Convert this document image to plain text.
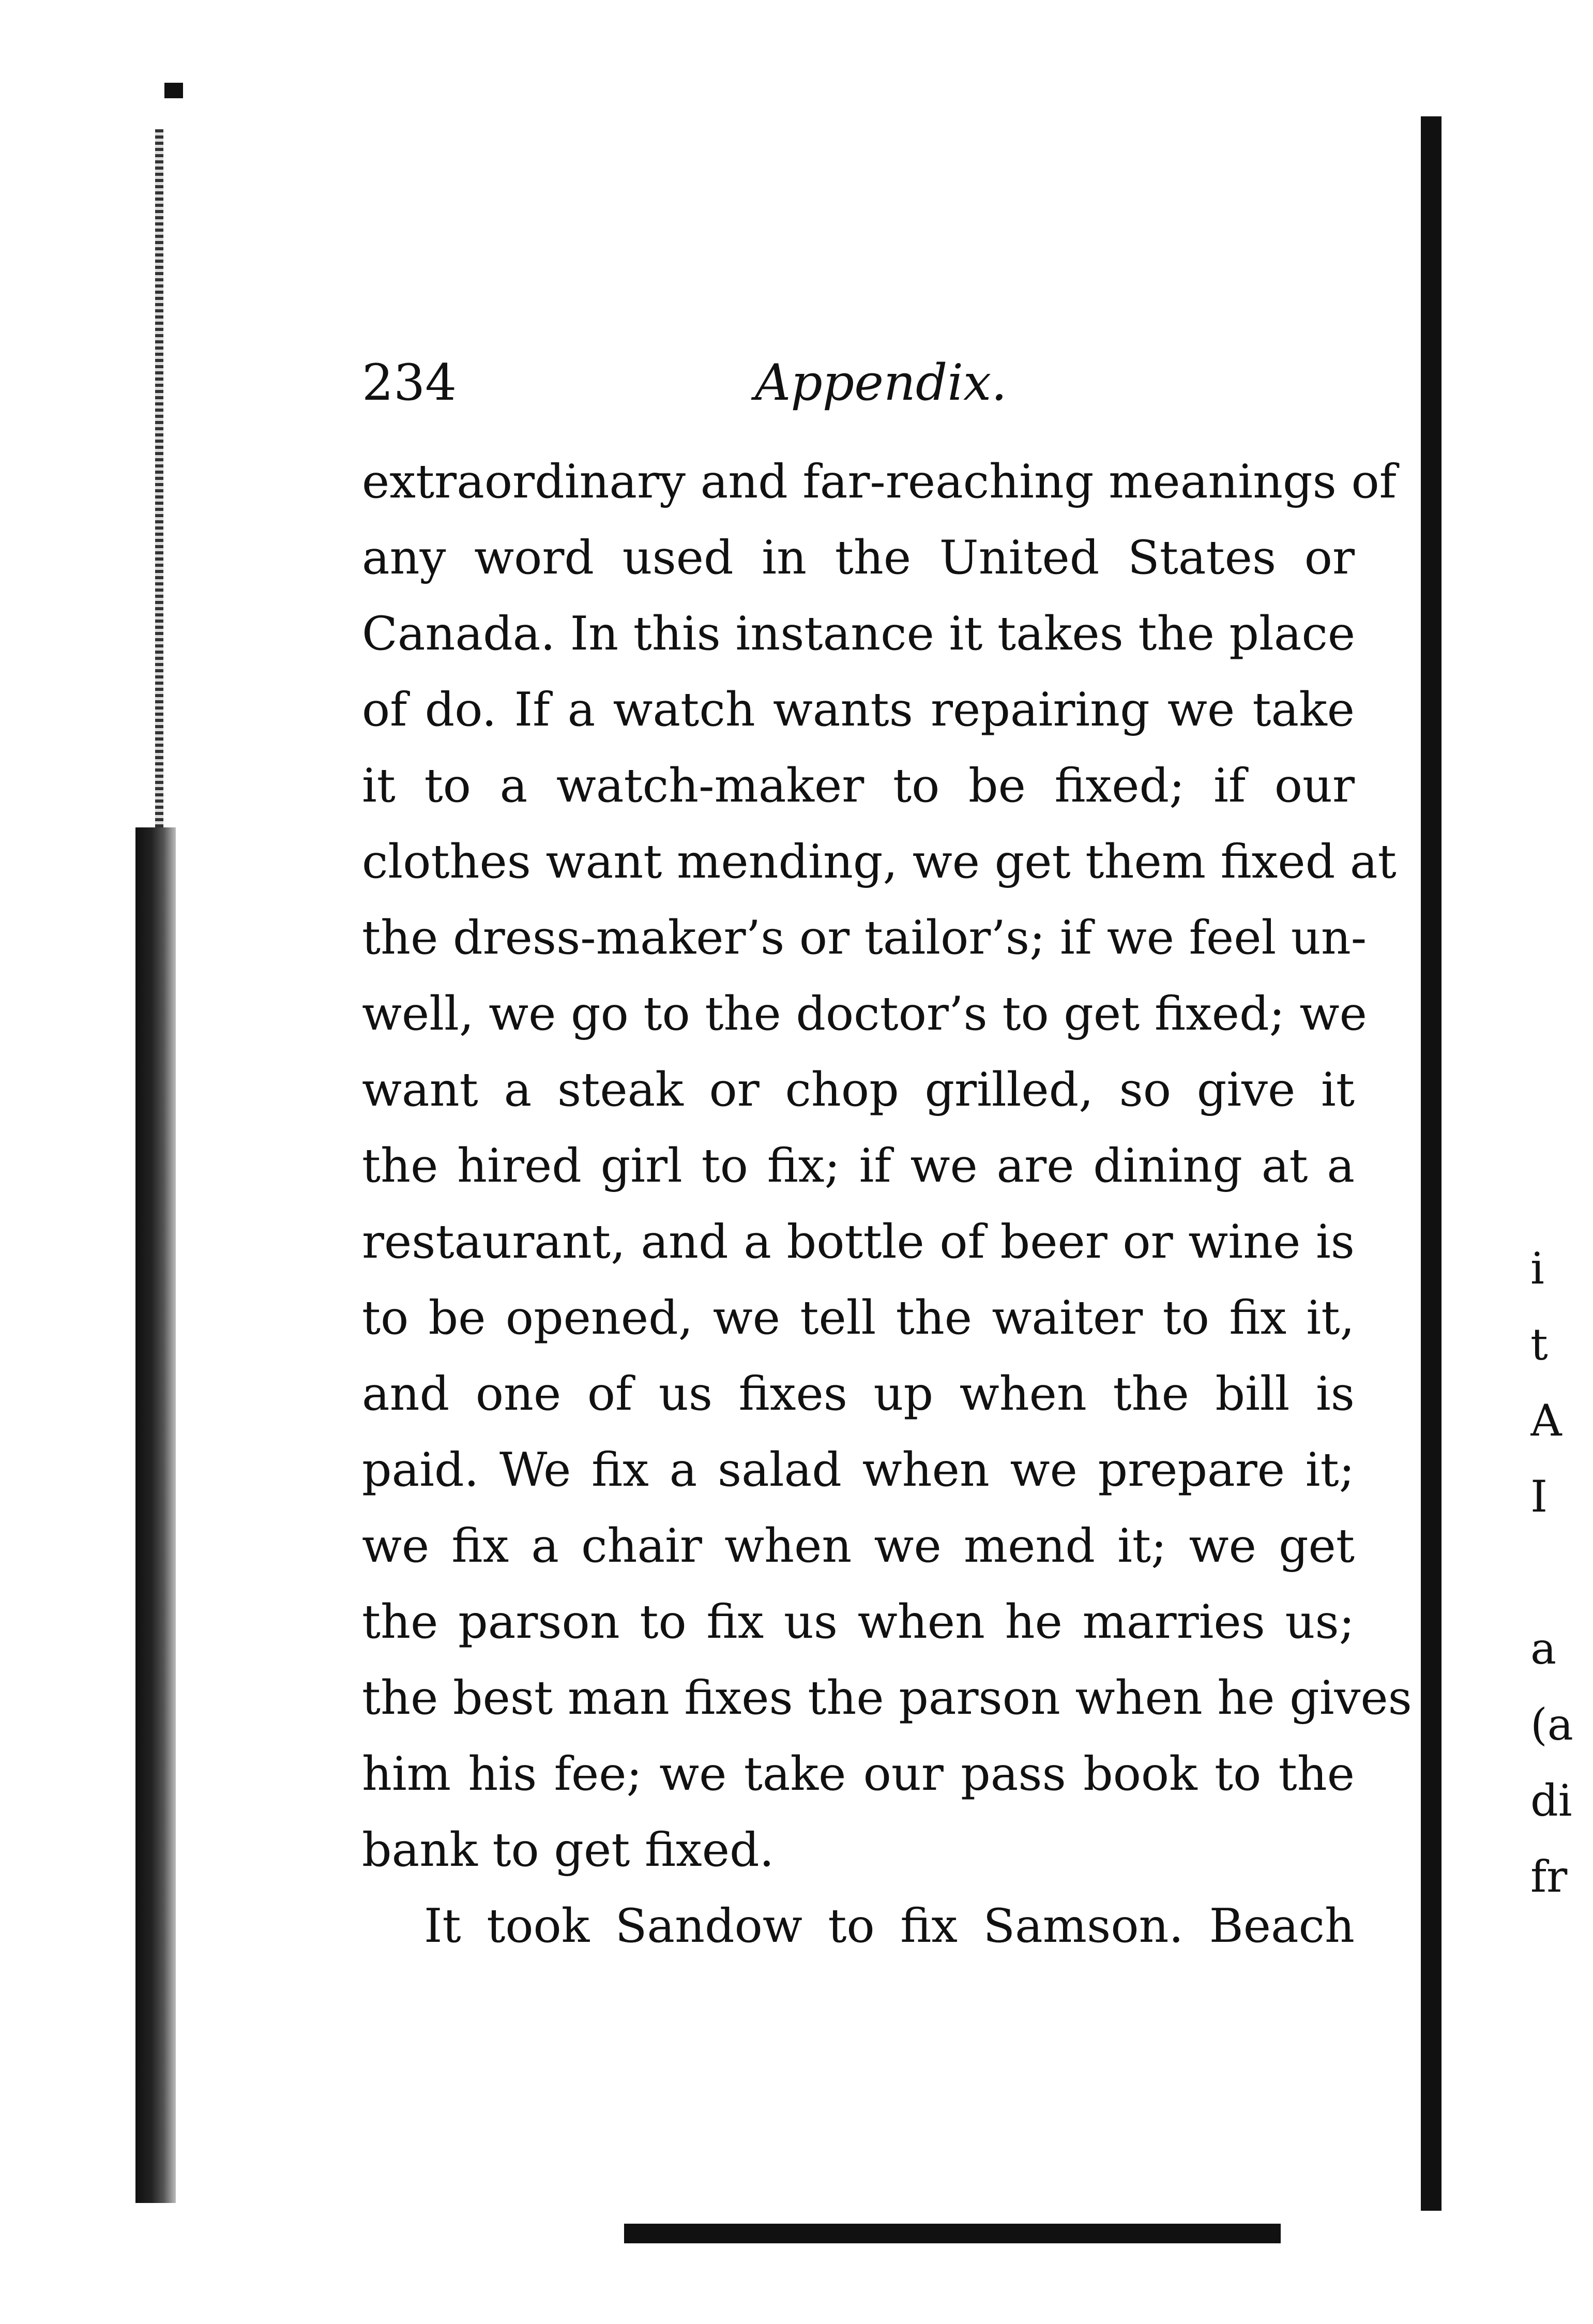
234	Appendix.
extraordinary and far-reaching meanings of
any word used in the United States or
Canada. In this instance it takes the place
of do. If a watch wants repairing we take
it to a watch-maker to be fixed; if our
clothes want mending, we get them fixed at
the dress-maker’s or tailor’s; if we feel un-
well, we go to the doctor’s to get fixed; we
want a steak or chop grilled, so give it
the hired girl to fix; if we are dining at a
restaurant, and a bottle of beer or wine is
to be opened, we tell the waiter to fix it,
and one of us fixes up when the bill is
paid. We fix a salad when we prepare it;
we fix a chair when we mend it; we get
the parson to fix us when he marries us;
the best man fixes the parson when he gives
him his fee; we take our pass book to the
bank to get fixed.
It took Sandow to fix Samson. Beach
i
t
A
I
a
(a
di
fr
